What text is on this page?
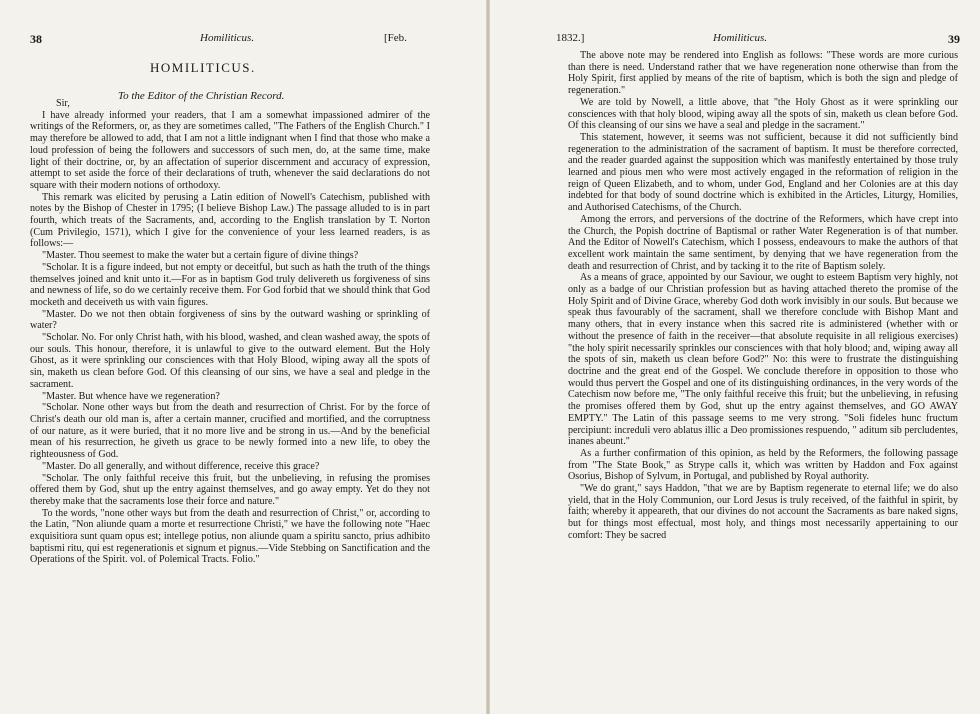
38	Homiliticus.	[Feb.
HOMILITICUS.
To the Editor of the Christian Record.

Sir,

I have already informed your readers, that I am a somewhat impassioned admirer of the writings of the Reformers, or, as they are sometimes called, "The Fathers of the English Church." I may therefore be allowed to add, that I am not a little indignant when I find that those who make a loud profession of being the followers and successors of such men, do, at the same time, make light of their doctrine, or, by an affectation of superior discernment and accuracy of expression, attempt to set aside the force of their declarations of truth, whenever the said declarations do not square with their modern notions of orthodoxy.

This remark was elicited by perusing a Latin edition of Nowell's Catechism, published with notes by the Bishop of Chester in 1795; (I believe Bishop Law.) The passage alluded to is in part fourth, which treats of the Sacraments, and, according to the English translation by T. Norton (Cum Privilegio, 1571), which I give for the convenience of your less learned readers, is as follows:—

"Master. Thou seemest to make the water but a certain figure of divine things?

"Scholar. It is a figure indeed, but not empty or deceitful, but such as hath the truth of the things themselves joined and knit unto it.—For as in baptism God truly delivereth us forgiveness of sins and newness of life, so do we certainly receive them. For God forbid that we should think that God mocketh and deceiveth us with vain figures.

"Master. Do we not then obtain forgiveness of sins by the outward washing or sprinkling of water?

"Scholar. No. For only Christ hath, with his blood, washed, and clean washed away, the spots of our souls. This honour, therefore, it is unlawful to give to the outward element. But the Holy Ghost, as it were sprinkling our consciences with that Holy Blood, wiping away all the spots of sin, maketh us clean before God. Of this cleansing of our sins, we have a seal and pledge in the sacrament.

"Master. But whence have we regeneration?

"Scholar. None other ways but from the death and resurrection of Christ. For by the force of Christ's death our old man is, after a certain manner, crucified and mortified, and the corruptness of our nature, as it were buried, that it no more live and be strong in us.—And by the beneficial mean of his resurrection, he giveth us grace to be newly formed into a new life, to obey the righteousness of God.

"Master. Do all generally, and without difference, receive this grace?

"Scholar. The only faithful receive this fruit, but the unbelieving, in refusing the promises offered them by God, shut up the entry against themselves, and go away empty. Yet do they not thereby make that the sacraments lose their force and nature."

To the words, "none other ways but from the death and resurrection of Christ," or, according to the Latin, "Non aliunde quam a morte et resurrectione Christi," we have the following note "Haec exquisitiora sunt quam opus est; intellege potius, non aliunde quam a spiritu sancto, prius adhibito baptismi ritu, qui est regenerationis et signum et pignus.—Vide Stebbing on Sanctification and the Operations of the Spirit. vol. of Polemical Tracts. Folio."

1832.]	Homiliticus.	39

The above note may be rendered into English as follows: "These words are more curious than there is need. Understand rather that we have regeneration none otherwise than from the Holy Spirit, first applied by means of the rite of baptism, which is both the sign and pledge of regeneration."

We are told by Nowell, a little above, that "the Holy Ghost as it were sprinkling our consciences with that holy blood, wiping away all the spots of sin, maketh us clean before God. Of this cleansing of our sins we have a seal and pledge in the sacrament."

This statement, however, it seems was not sufficient, because it did not sufficiently bind regeneration to the administration of the sacrament of baptism. It must be therefore corrected, and the reader guarded against the supposition which was manifestly entertained by those truly learned and pious men who were most actively engaged in the reformation of religion in the reign of Queen Elizabeth, and to whom, under God, England and her Colonies are at this day indebted for that body of sound doctrine which is exhibited in the Articles, Liturgy, Homilies, and Authorised Catechisms, of the Church.

Among the errors, and perversions of the doctrine of the Reformers, which have crept into the Church, the Popish doctrine of Baptismal or rather Water Regeneration is of that number. And the Editor of Nowell's Catechism, which I possess, endeavours to make the authors of that excellent work maintain the same sentiment, by denying that we have regeneration from the death and resurrection of Christ, and by tacking it to the rite of Baptism solely.

As a means of grace, appointed by our Saviour, we ought to esteem Baptism very highly, not only as a badge of our Christian profession but as having attached thereto the promise of the Holy Spirit and of Divine Grace, whereby God doth work invisibly in our souls. But because we speak thus favourably of the sacrament, shall we therefore conclude with Bishop Mant and many others, that in every instance when this sacred rite is administered (whether with or without the presence of faith in the receiver—that absolute requisite in all religious exercises) "the holy spirit necessarily sprinkles our consciences with that holy blood; and, wiping away all the spots of sin, maketh us clean before God?" No: this were to frustrate the distinguishing doctrine and the great end of the Gospel. We conclude therefore in opposition to those who would thus pervert the Gospel and one of its distinguishing ordinances, in the very words of the Catechism now before me, "The only faithful receive this fruit; but the unbelieving, in refusing the promises offered them by God, shut up the entry against themselves, and GO AWAY EMPTY." The Latin of this passage seems to me very strong. "Soli fideles hunc fructum percipiunt: increduli vero ablatus illic a Deo promissiones respuendo, " aditum sib percludentes, inanes abeunt."

As a further confirmation of this opinion, as held by the Reformers, the following passage from "The State Book," as Strype calls it, which was written by Haddon and Fox against Osorius, Bishop of Sylvum, in Portugal, and published by Royal authority.

"We do grant," says Haddon, "that we are by Baptism regenerate to eternal life; we do also yield, that in the Holy Communion, our Lord Jesus is truly received, of the faithful in spirit, by faith; whereby it appeareth, that our divines do not account the Sacraments as bare naked signs, but for things most effectual, most holy, and things most necessarily appertaining to our comfort: They be sacred
